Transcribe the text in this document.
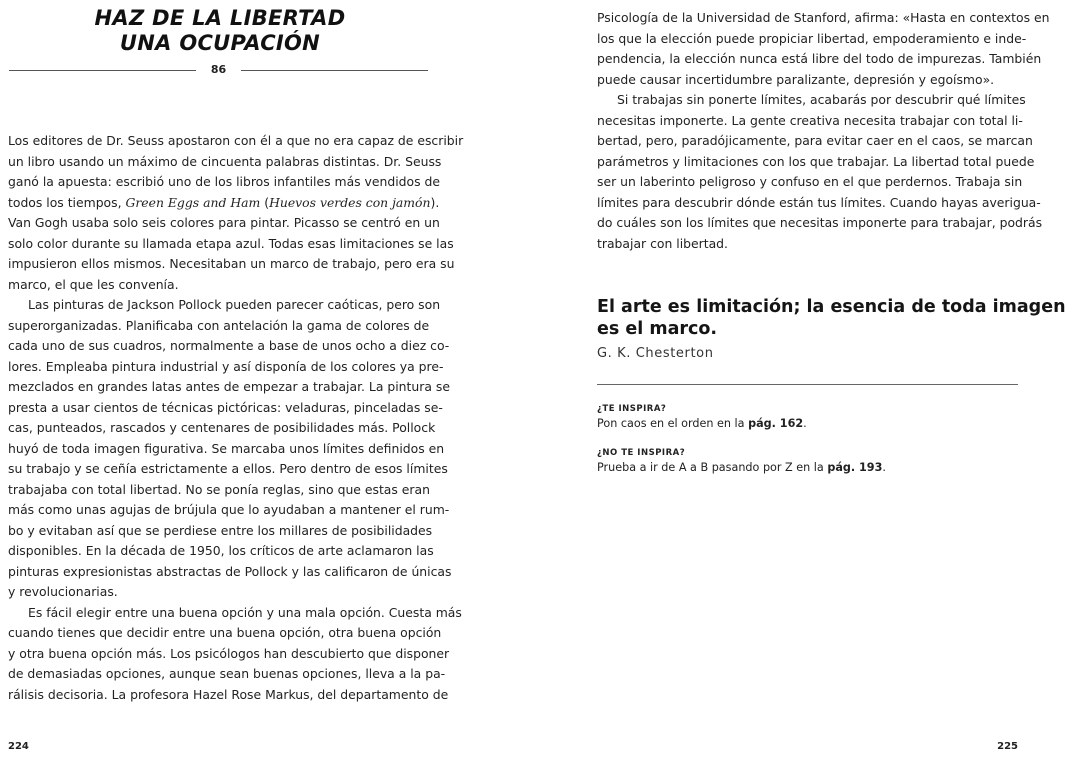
HAZ DE LA LIBERTAD
UNA OCUPACIÓN
86
Los editores de Dr. Seuss apostaron con él a que no era capaz de escribir
un libro usando un máximo de cincuenta palabras distintas. Dr. Seuss
ganó la apuesta: escribió uno de los libros infantiles más vendidos de
todos los tiempos, Green Eggs and Ham (Huevos verdes con jamón).
Van Gogh usaba solo seis colores para pintar. Picasso se centró en un
solo color durante su llamada etapa azul. Todas esas limitaciones se las
impusieron ellos mismos. Necesitaban un marco de trabajo, pero era su
marco, el que les convenía.
Las pinturas de Jackson Pollock pueden parecer caóticas, pero son
superorganizadas. Planificaba con antelación la gama de colores de
cada uno de sus cuadros, normalmente a base de unos ocho a diez co-
lores. Empleaba pintura industrial y así disponía de los colores ya pre-
mezclados en grandes latas antes de empezar a trabajar. La pintura se
presta a usar cientos de técnicas pictóricas: veladuras, pinceladas se-
cas, punteados, rascados y centenares de posibilidades más. Pollock
huyó de toda imagen figurativa. Se marcaba unos límites definidos en
su trabajo y se ceñía estrictamente a ellos. Pero dentro de esos límites
trabajaba con total libertad. No se ponía reglas, sino que estas eran
más como unas agujas de brújula que lo ayudaban a mantener el rum-
bo y evitaban así que se perdiese entre los millares de posibilidades
disponibles. En la década de 1950, los críticos de arte aclamaron las
pinturas expresionistas abstractas de Pollock y las calificaron de únicas
y revolucionarias.
Es fácil elegir entre una buena opción y una mala opción. Cuesta más
cuando tienes que decidir entre una buena opción, otra buena opción
y otra buena opción más. Los psicólogos han descubierto que disponer
de demasiadas opciones, aunque sean buenas opciones, lleva a la pa-
rálisis decisoria. La profesora Hazel Rose Markus, del departamento de
224
Psicología de la Universidad de Stanford, afirma: «Hasta en contextos en
los que la elección puede propiciar libertad, empoderamiento e inde-
pendencia, la elección nunca está libre del todo de impurezas. También
puede causar incertidumbre paralizante, depresión y egoísmo».
Si trabajas sin ponerte límites, acabarás por descubrir qué límites
necesitas imponerte. La gente creativa necesita trabajar con total li-
bertad, pero, paradójicamente, para evitar caer en el caos, se marcan
parámetros y limitaciones con los que trabajar. La libertad total puede
ser un laberinto peligroso y confuso en el que perdernos. Trabaja sin
límites para descubrir dónde están tus límites. Cuando hayas averigua-
do cuáles son los límites que necesitas imponerte para trabajar, podrás
trabajar con libertad.
El arte es limitación; la esencia de toda imagen
es el marco.
G. K. Chesterton
¿TE INSPIRA?
Pon caos en el orden en la pág. 162.
¿NO TE INSPIRA?
Prueba a ir de A a B pasando por Z en la pág. 193.
225
